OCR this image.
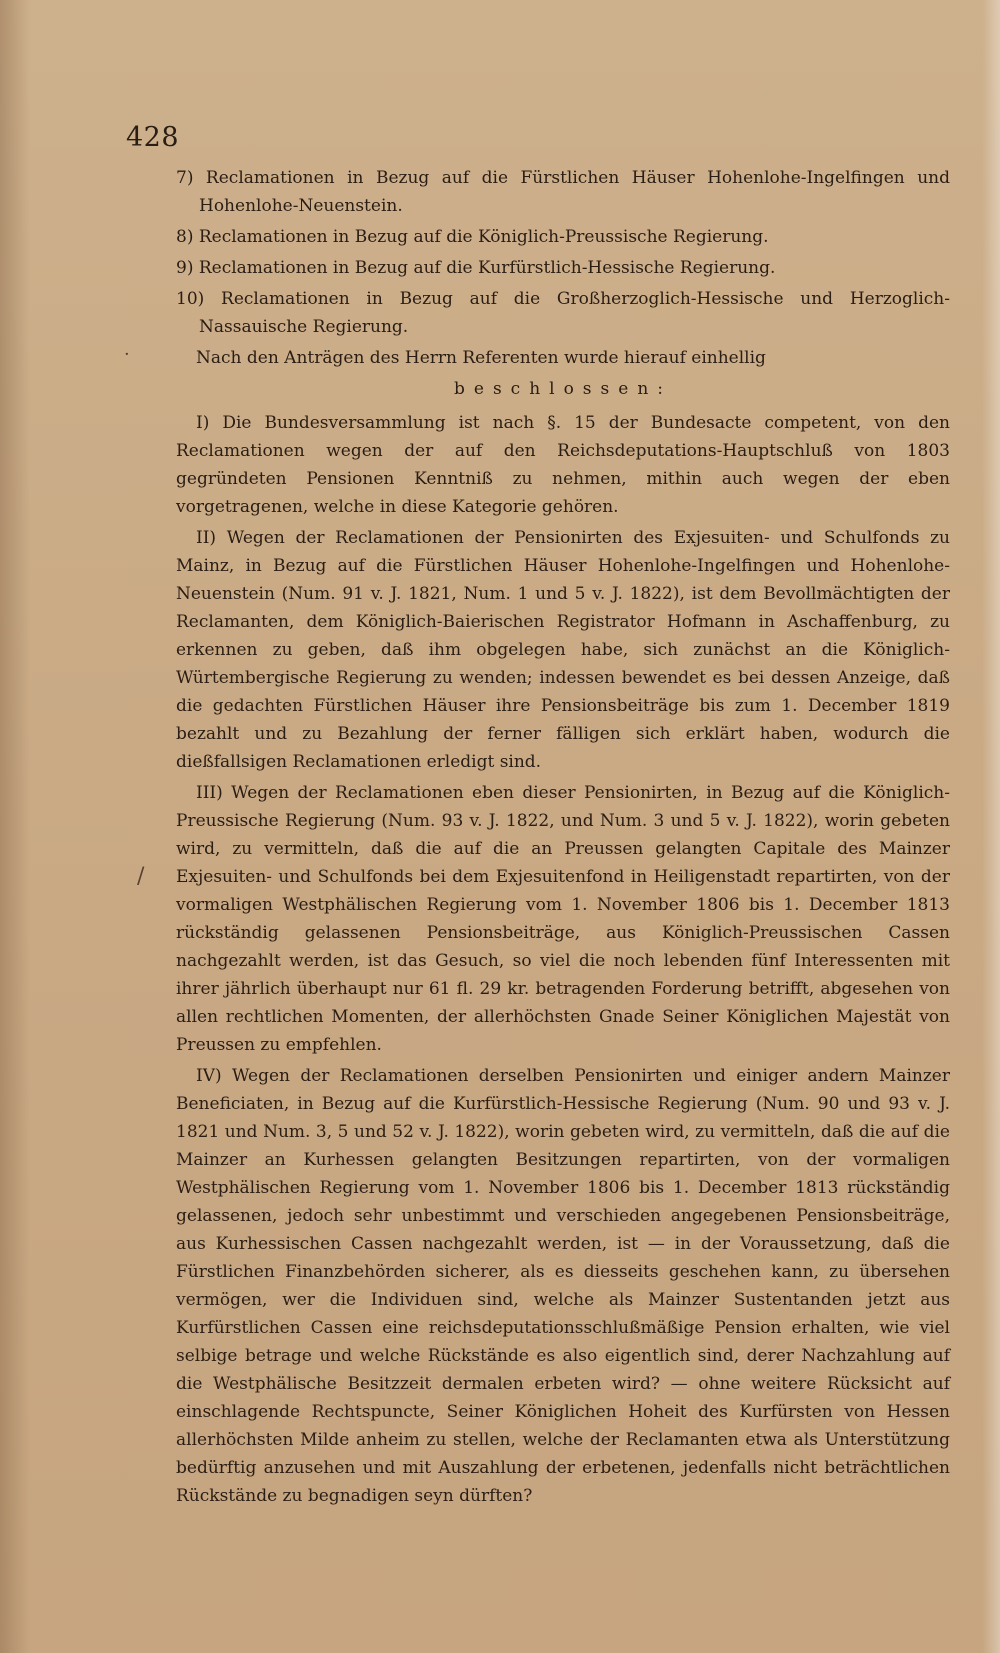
428
·
/

7) Reclamationen in Bezug auf die Fürstlichen Häuser Hohenlohe-Ingelfingen und Hohenlohe-Neuenstein.

8) Reclamationen in Bezug auf die Königlich-Preussische Regierung.

9) Reclamationen in Bezug auf die Kurfürstlich-Hessische Regierung.

10) Reclamationen in Bezug auf die Großherzoglich-Hessische und Herzoglich-Nassauische Regierung.

Nach den Anträgen des Herrn Referenten wurde hierauf einhellig

beschlossen:

I) Die Bundesversammlung ist nach §. 15 der Bundesacte competent, von den Reclamationen wegen der auf den Reichsdeputations-Hauptschluß von 1803 gegründeten Pensionen Kenntniß zu nehmen, mithin auch wegen der eben vorgetragenen, welche in diese Kategorie gehören.

II) Wegen der Reclamationen der Pensionirten des Exjesuiten- und Schulfonds zu Mainz, in Bezug auf die Fürstlichen Häuser Hohenlohe-Ingelfingen und Hohenlohe-Neuenstein (Num. 91 v. J. 1821, Num. 1 und 5 v. J. 1822), ist dem Bevollmächtigten der Reclamanten, dem Königlich-Baierischen Registrator Hofmann in Aschaffenburg, zu erkennen zu geben, daß ihm obgelegen habe, sich zunächst an die Königlich-Würtembergische Regierung zu wenden; indessen bewendet es bei dessen Anzeige, daß die gedachten Fürstlichen Häuser ihre Pensionsbeiträge bis zum 1. December 1819 bezahlt und zu Bezahlung der ferner fälligen sich erklärt haben, wodurch die dießfallsigen Reclamationen erledigt sind.

III) Wegen der Reclamationen eben dieser Pensionirten, in Bezug auf die Königlich-Preussische Regierung (Num. 93 v. J. 1822, und Num. 3 und 5 v. J. 1822), worin gebeten wird, zu vermitteln, daß die auf die an Preussen gelangten Capitale des Mainzer Exjesuiten- und Schulfonds bei dem Exjesuitenfond in Heiligenstadt repartirten, von der vormaligen Westphälischen Regierung vom 1. November 1806 bis 1. December 1813 rückständig gelassenen Pensionsbeiträge, aus Königlich-Preussischen Cassen nachgezahlt werden, ist das Gesuch, so viel die noch lebenden fünf Interessenten mit ihrer jährlich überhaupt nur 61 fl. 29 kr. betragenden Forderung betrifft, abgesehen von allen rechtlichen Momenten, der allerhöchsten Gnade Seiner Königlichen Majestät von Preussen zu empfehlen.

IV) Wegen der Reclamationen derselben Pensionirten und einiger andern Mainzer Beneficiaten, in Bezug auf die Kurfürstlich-Hessische Regierung (Num. 90 und 93 v. J. 1821 und Num. 3, 5 und 52 v. J. 1822), worin gebeten wird, zu vermitteln, daß die auf die Mainzer an Kurhessen gelangten Besitzungen repartirten, von der vormaligen Westphälischen Regierung vom 1. November 1806 bis 1. December 1813 rückständig gelassenen, jedoch sehr unbestimmt und verschieden angegebenen Pensionsbeiträge, aus Kurhessischen Cassen nachgezahlt werden, ist — in der Voraussetzung, daß die Fürstlichen Finanzbehörden sicherer, als es diesseits geschehen kann, zu übersehen vermögen, wer die Individuen sind, welche als Mainzer Sustentanden jetzt aus Kurfürstlichen Cassen eine reichsdeputationsschlußmäßige Pension erhalten, wie viel selbige betrage und welche Rückstände es also eigentlich sind, derer Nachzahlung auf die Westphälische Besitzzeit dermalen erbeten wird? — ohne weitere Rücksicht auf einschlagende Rechtspuncte, Seiner Königlichen Hoheit des Kurfürsten von Hessen allerhöchsten Milde anheim zu stellen, welche der Reclamanten etwa als Unterstützung bedürftig anzusehen und mit Auszahlung der erbetenen, jedenfalls nicht beträchtlichen Rückstände zu begnadigen seyn dürften?
